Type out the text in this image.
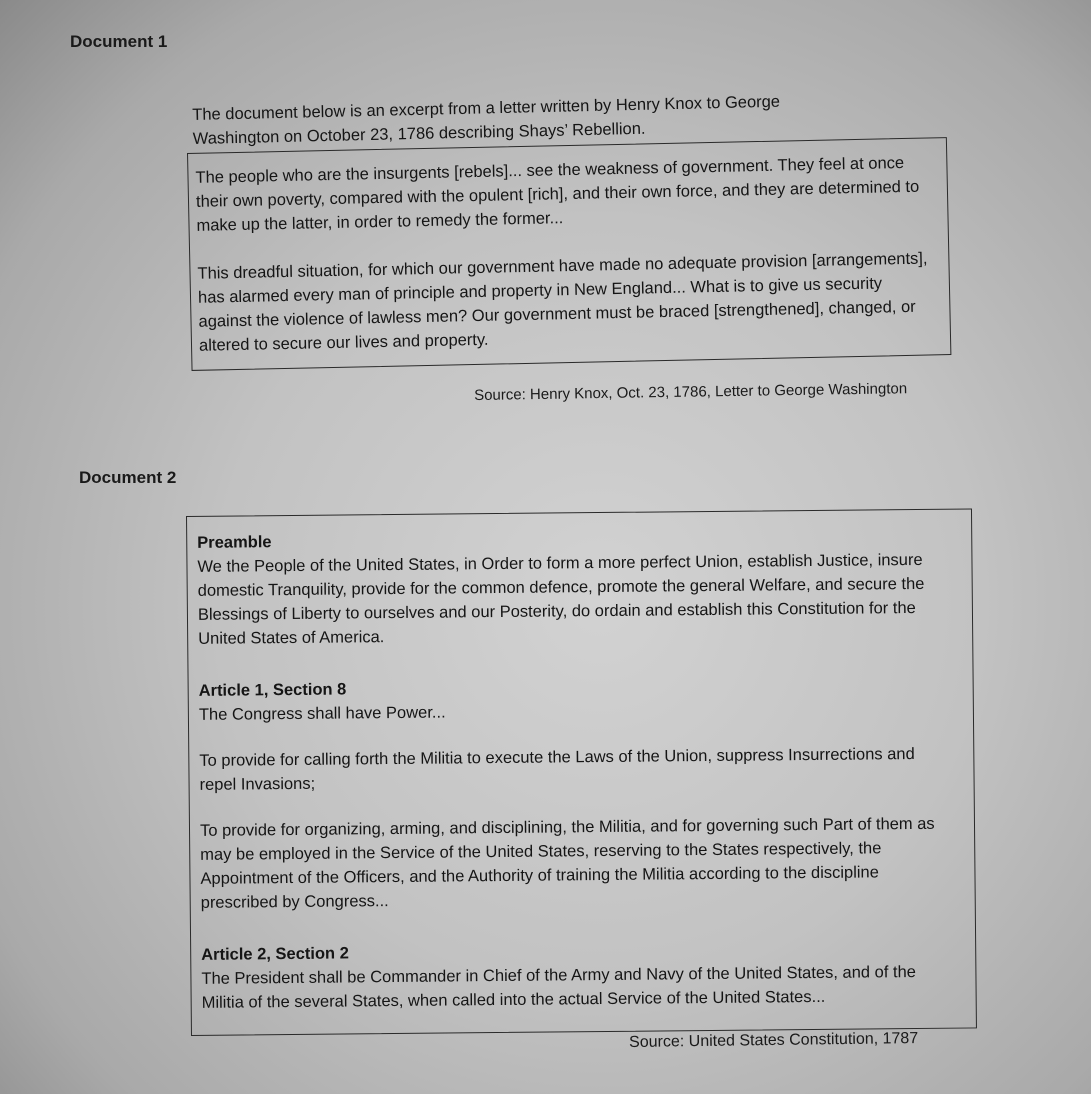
Document 1
The document below is an excerpt from a letter written by Henry Knox to George Washington on October 23, 1786 describing Shays’ Rebellion.

The people who are the insurgents [rebels]... see the weakness of government. They feel at once their own poverty, compared with the opulent [rich], and their own force, and they are determined to make up the latter, in order to remedy the former...

This dreadful situation, for which our government have made no adequate provision [arrangements], has alarmed every man of principle and property in New England... What is to give us security against the violence of lawless men? Our government must be braced [strengthened], changed, or altered to secure our lives and property.

Source: Henry Knox, Oct. 23, 1786, Letter to George Washington
Document 2
Preamble

We the People of the United States, in Order to form a more perfect Union, establish Justice, insure domestic Tranquility, provide for the common defence, promote the general Welfare, and secure the Blessings of Liberty to ourselves and our Posterity, do ordain and establish this Constitution for the United States of America.

Article 1, Section 8

The Congress shall have Power...

To provide for calling forth the Militia to execute the Laws of the Union, suppress Insurrections and repel Invasions;

To provide for organizing, arming, and disciplining, the Militia, and for governing such Part of them as may be employed in the Service of the United States, reserving to the States respectively, the Appointment of the Officers, and the Authority of training the Militia according to the discipline prescribed by Congress...

Article 2, Section 2

The President shall be Commander in Chief of the Army and Navy of the United States, and of the Militia of the several States, when called into the actual Service of the United States...

Source: United States Constitution, 1787
